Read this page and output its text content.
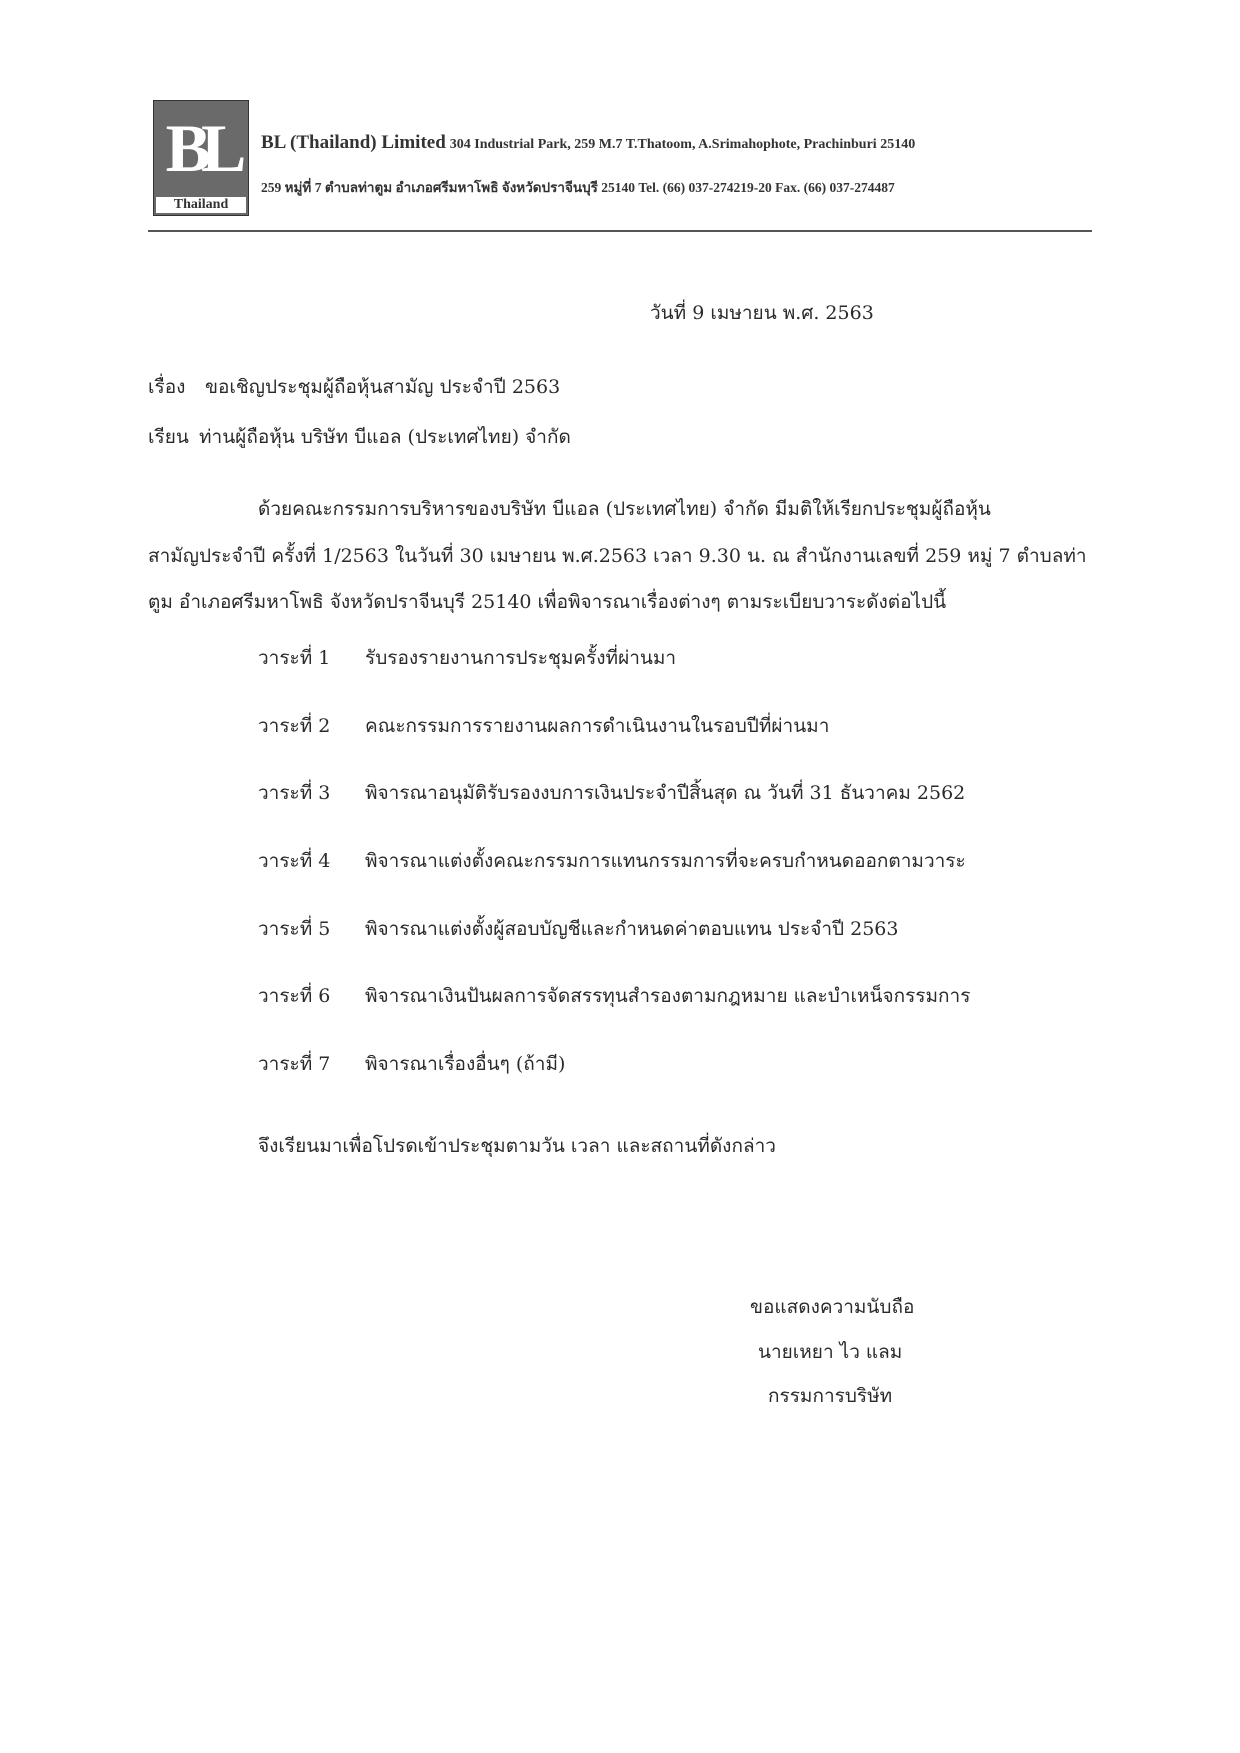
BL
Thailand
BL (Thailand) Limited 304 Industrial Park, 259 M.7 T.Thatoom, A.Srimahophote, Prachinburi 25140
259 หมู่ที่ 7 ตำบลท่าตูม อำเภอศรีมหาโพธิ จังหวัดปราจีนบุรี 25140 Tel. (66) 037-274219-20 Fax. (66) 037-274487
วันที่ 9 เมษายน พ.ศ. 2563
เรื่อง ขอเชิญประชุมผู้ถือหุ้นสามัญ ประจำปี 2563
เรียน ท่านผู้ถือหุ้น บริษัท บีแอล (ประเทศไทย) จำกัด
ด้วยคณะกรรมการบริหารของบริษัท บีแอล (ประเทศไทย) จำกัด มีมติให้เรียกประชุมผู้ถือหุ้น
สามัญประจำปี ครั้งที่ 1/2563 ในวันที่ 30 เมษายน พ.ศ.2563 เวลา 9.30 น. ณ สำนักงานเลขที่ 259 หมู่ 7 ตำบลท่า
ตูม อำเภอศรีมหาโพธิ จังหวัดปราจีนบุรี 25140 เพื่อพิจารณาเรื่องต่างๆ ตามระเบียบวาระดังต่อไปนี้
วาระที่ 1 รับรองรายงานการประชุมครั้งที่ผ่านมา
วาระที่ 2 คณะกรรมการรายงานผลการดำเนินงานในรอบปีที่ผ่านมา
วาระที่ 3 พิจารณาอนุมัติรับรองงบการเงินประจำปีสิ้นสุด ณ วันที่ 31 ธันวาคม 2562
วาระที่ 4 พิจารณาแต่งตั้งคณะกรรมการแทนกรรมการที่จะครบกำหนดออกตามวาระ
วาระที่ 5 พิจารณาแต่งตั้งผู้สอบบัญชีและกำหนดค่าตอบแทน ประจำปี 2563
วาระที่ 6 พิจารณาเงินปันผลการจัดสรรทุนสำรองตามกฎหมาย และบำเหน็จกรรมการ
วาระที่ 7 พิจารณาเรื่องอื่นๆ (ถ้ามี)
จึงเรียนมาเพื่อโปรดเข้าประชุมตามวัน เวลา และสถานที่ดังกล่าว
ขอแสดงความนับถือ
นายเหยา ไว แลม
กรรมการบริษัท
